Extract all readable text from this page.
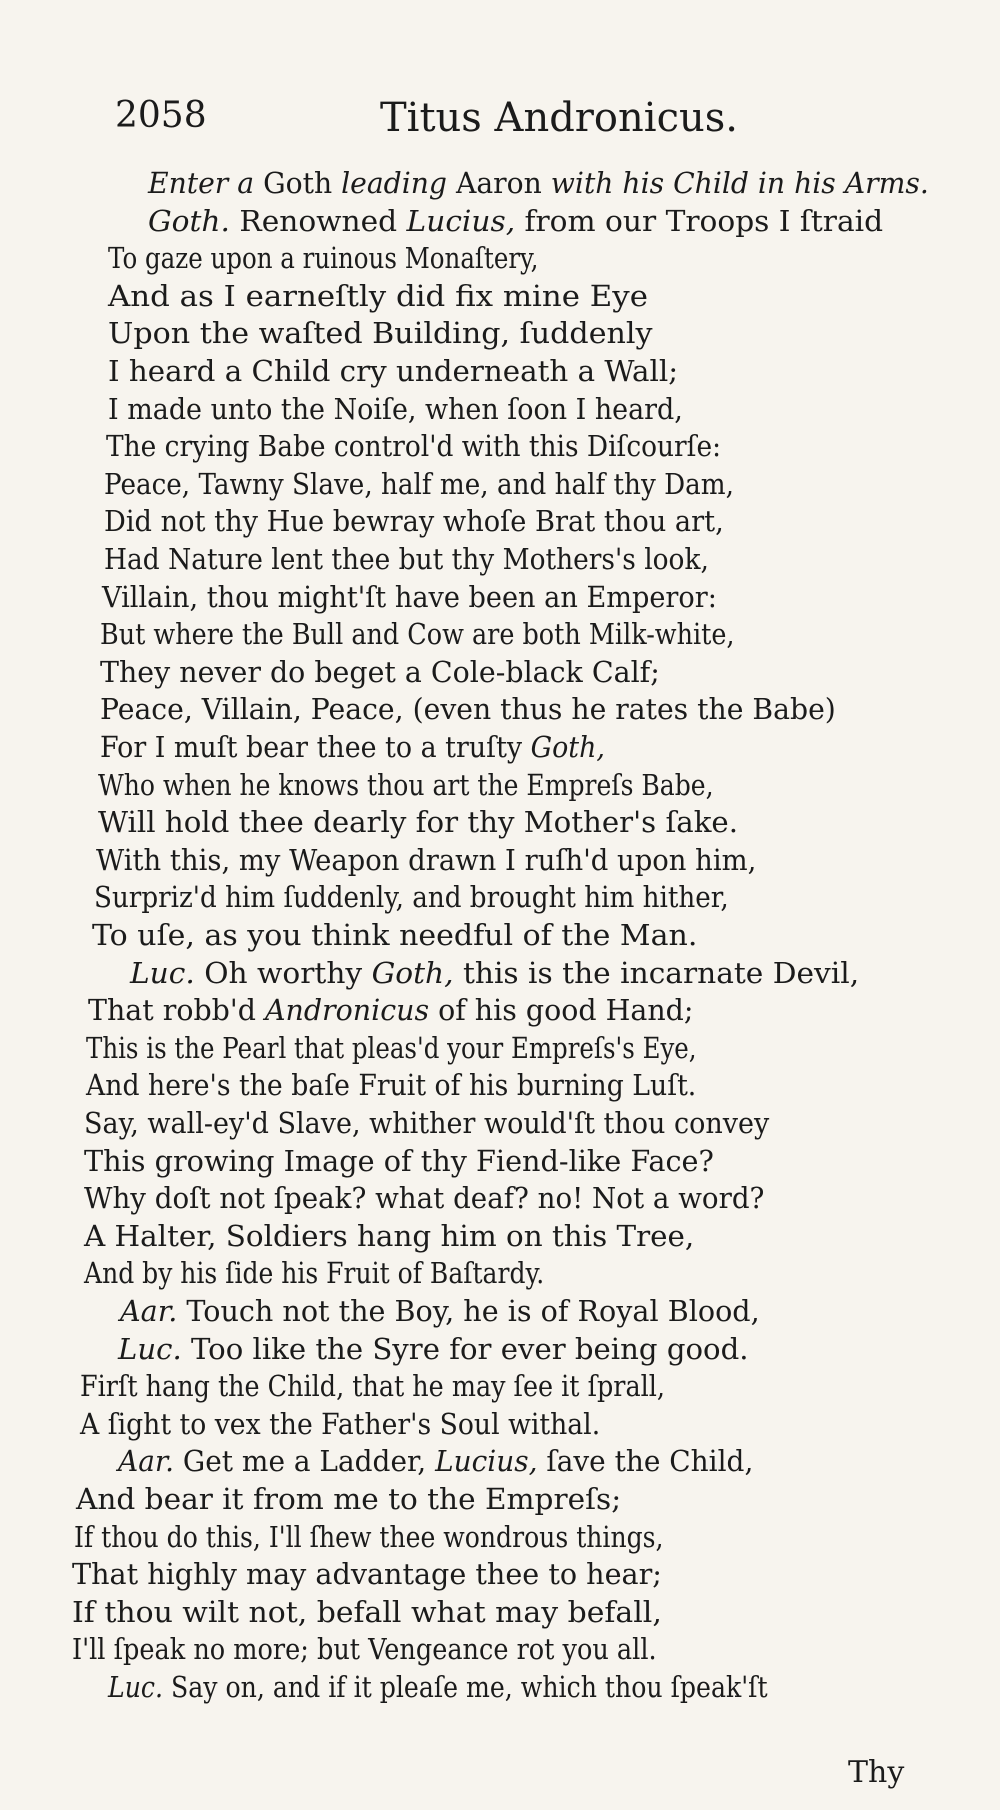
2058	Titus Andronicus.
Enter a Goth leading Aaron with his Child in his Arms.
Goth. Renowned Lucius, from our Troops I ſtraid
To gaze upon a ruinous Monaſtery,
And as I earneſtly did fix mine Eye
Upon the waſted Building, ſuddenly
I heard a Child cry underneath a Wall;
I made unto the Noiſe, when ſoon I heard,
The crying Babe control'd with this Diſcourſe:
Peace, Tawny Slave, half me, and half thy Dam,
Did not thy Hue bewray whoſe Brat thou art,
Had Nature lent thee but thy Mothers's look,
Villain, thou might'ſt have been an Emperor:
But where the Bull and Cow are both Milk-white,
They never do beget a Cole-black Calf;
Peace, Villain, Peace, (even thus he rates the Babe)
For I muſt bear thee to a truſty Goth,
Who when he knows thou art the Empreſs Babe,
Will hold thee dearly for thy Mother's ſake.
With this, my Weapon drawn I ruſh'd upon him,
Surpriz'd him ſuddenly, and brought him hither,
To uſe, as you think needful of the Man.
Luc. Oh worthy Goth, this is the incarnate Devil,
That robb'd Andronicus of his good Hand;
This is the Pearl that pleas'd your Empreſs's Eye,
And here's the baſe Fruit of his burning Luſt.
Say, wall-ey'd Slave, whither would'ſt thou convey
This growing Image of thy Fiend-like Face?
Why doſt not ſpeak? what deaf? no! Not a word?
A Halter, Soldiers hang him on this Tree,
And by his ſide his Fruit of Baſtardy.
Aar. Touch not the Boy, he is of Royal Blood,
Luc. Too like the Syre for ever being good.
Firſt hang the Child, that he may ſee it ſprall,
A ſight to vex the Father's Soul withal.
Aar. Get me a Ladder, Lucius, ſave the Child,
And bear it from me to the Empreſs;
If thou do this, I'll ſhew thee wondrous things,
That highly may advantage thee to hear;
If thou wilt not, befall what may befall,
I'll ſpeak no more; but Vengeance rot you all.
Luc. Say on, and if it pleaſe me, which thou ſpeak'ſt
Thy
